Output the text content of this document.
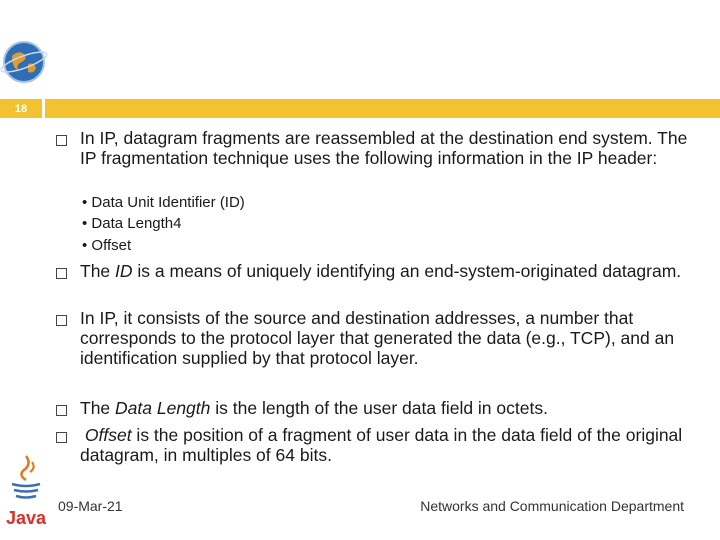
18
In IP, datagram fragments are reassembled at the destination end system. The IP fragmentation technique uses the following information in the IP header:
• Data Unit Identifier (ID)
• Data Length4
• Offset
The ID is a means of uniquely identifying an end-system-originated datagram.
In IP, it consists of the source and destination addresses, a number that corresponds to the protocol layer that generated the data (e.g., TCP), and an identification supplied by that protocol layer.
The Data Length is the length of the user data field in octets.
Offset is the position of a fragment of user data in the data field of the original datagram, in multiples of 64 bits.
Java
09-Mar-21	Networks and Communication Department
